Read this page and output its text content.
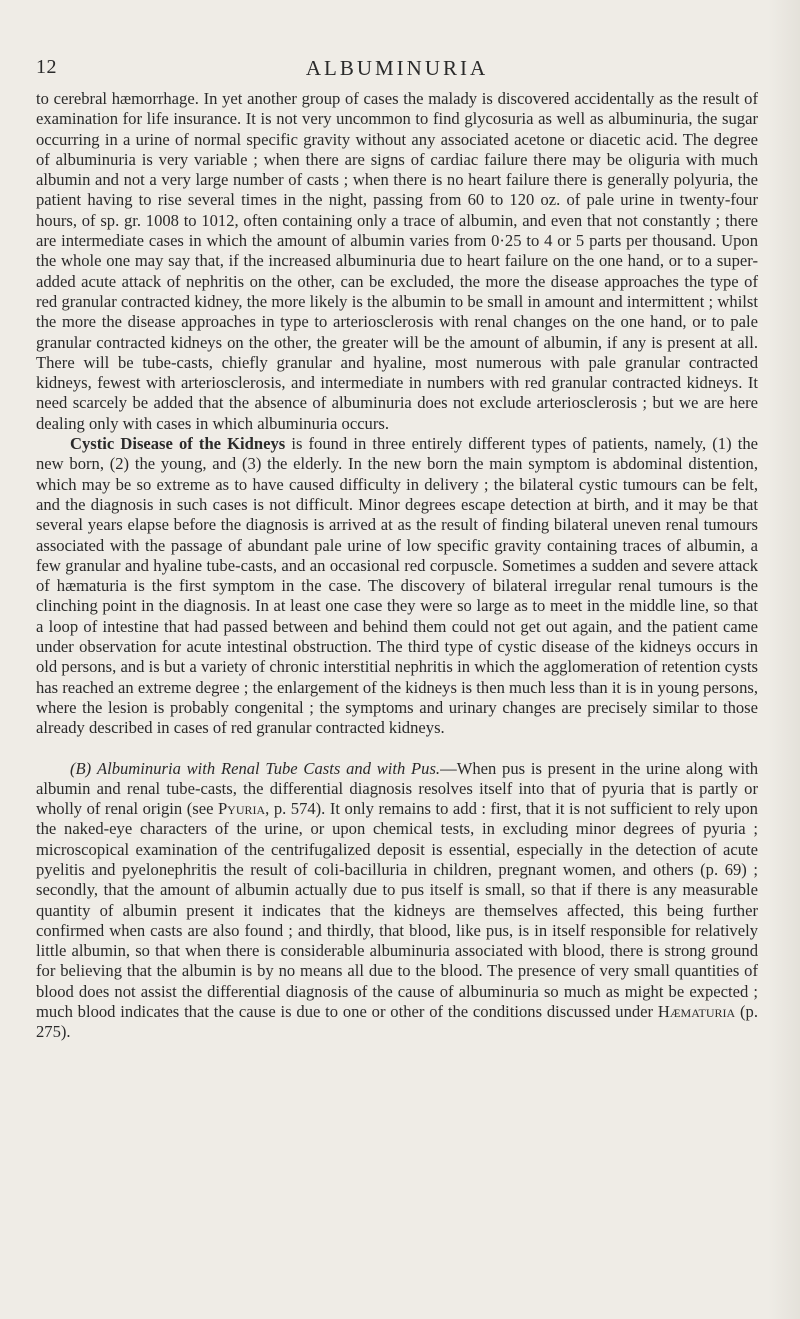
12	ALBUMINURIA

to cerebral hæmorrhage. In yet another group of cases the malady is discovered accidentally as the result of examination for life insurance. It is not very uncommon to find glycosuria as well as albuminuria, the sugar occurring in a urine of normal specific gravity without any associated acetone or diacetic acid. The degree of albuminuria is very variable ; when there are signs of cardiac failure there may be oliguria with much albumin and not a very large number of casts ; when there is no heart failure there is generally polyuria, the patient having to rise several times in the night, passing from 60 to 120 oz. of pale urine in twenty-four hours, of sp. gr. 1008 to 1012, often containing only a trace of albumin, and even that not constantly ; there are intermediate cases in which the amount of albumin varies from 0·25 to 4 or 5 parts per thousand. Upon the whole one may say that, if the increased albuminuria due to heart failure on the one hand, or to a super-added acute attack of nephritis on the other, can be excluded, the more the disease approaches the type of red granular contracted kidney, the more likely is the albumin to be small in amount and intermittent ; whilst the more the disease approaches in type to arteriosclerosis with renal changes on the one hand, or to pale granular contracted kidneys on the other, the greater will be the amount of albumin, if any is present at all. There will be tube-casts, chiefly granular and hyaline, most numerous with pale granular contracted kidneys, fewest with arteriosclerosis, and intermediate in numbers with red granular contracted kidneys. It need scarcely be added that the absence of albuminuria does not exclude arteriosclerosis ; but we are here dealing only with cases in which albuminuria occurs.

Cystic Disease of the Kidneys is found in three entirely different types of patients, namely, (1) the new born, (2) the young, and (3) the elderly. In the new born the main symptom is abdominal distention, which may be so extreme as to have caused difficulty in delivery ; the bilateral cystic tumours can be felt, and the diagnosis in such cases is not difficult. Minor degrees escape detection at birth, and it may be that several years elapse before the diagnosis is arrived at as the result of finding bilateral uneven renal tumours associated with the passage of abundant pale urine of low specific gravity containing traces of albumin, a few granular and hyaline tube-casts, and an occasional red corpuscle. Sometimes a sudden and severe attack of hæmaturia is the first symptom in the case. The discovery of bilateral irregular renal tumours is the clinching point in the diagnosis. In at least one case they were so large as to meet in the middle line, so that a loop of intestine that had passed between and behind them could not get out again, and the patient came under observation for acute intestinal obstruction. The third type of cystic disease of the kidneys occurs in old persons, and is but a variety of chronic interstitial nephritis in which the agglomeration of retention cysts has reached an extreme degree ; the enlargement of the kidneys is then much less than it is in young persons, where the lesion is probably congenital ; the symptoms and urinary changes are precisely similar to those already described in cases of red granular contracted kidneys.

(B) Albuminuria with Renal Tube Casts and with Pus.—When pus is present in the urine along with albumin and renal tube-casts, the differential diagnosis resolves itself into that of pyuria that is partly or wholly of renal origin (see Pyuria, p. 574). It only remains to add : first, that it is not sufficient to rely upon the naked-eye characters of the urine, or upon chemical tests, in excluding minor degrees of pyuria ; microscopical examination of the centrifugalized deposit is essential, especially in the detection of acute pyelitis and pyelonephritis the result of coli-bacilluria in children, pregnant women, and others (p. 69) ; secondly, that the amount of albumin actually due to pus itself is small, so that if there is any measurable quantity of albumin present it indicates that the kidneys are themselves affected, this being further confirmed when casts are also found ; and thirdly, that blood, like pus, is in itself responsible for relatively little albumin, so that when there is considerable albuminuria associated with blood, there is strong ground for believing that the albumin is by no means all due to the blood. The presence of very small quantities of blood does not assist the differential diagnosis of the cause of albuminuria so much as might be expected ; much blood indicates that the cause is due to one or other of the conditions discussed under Hæmaturia (p. 275).
